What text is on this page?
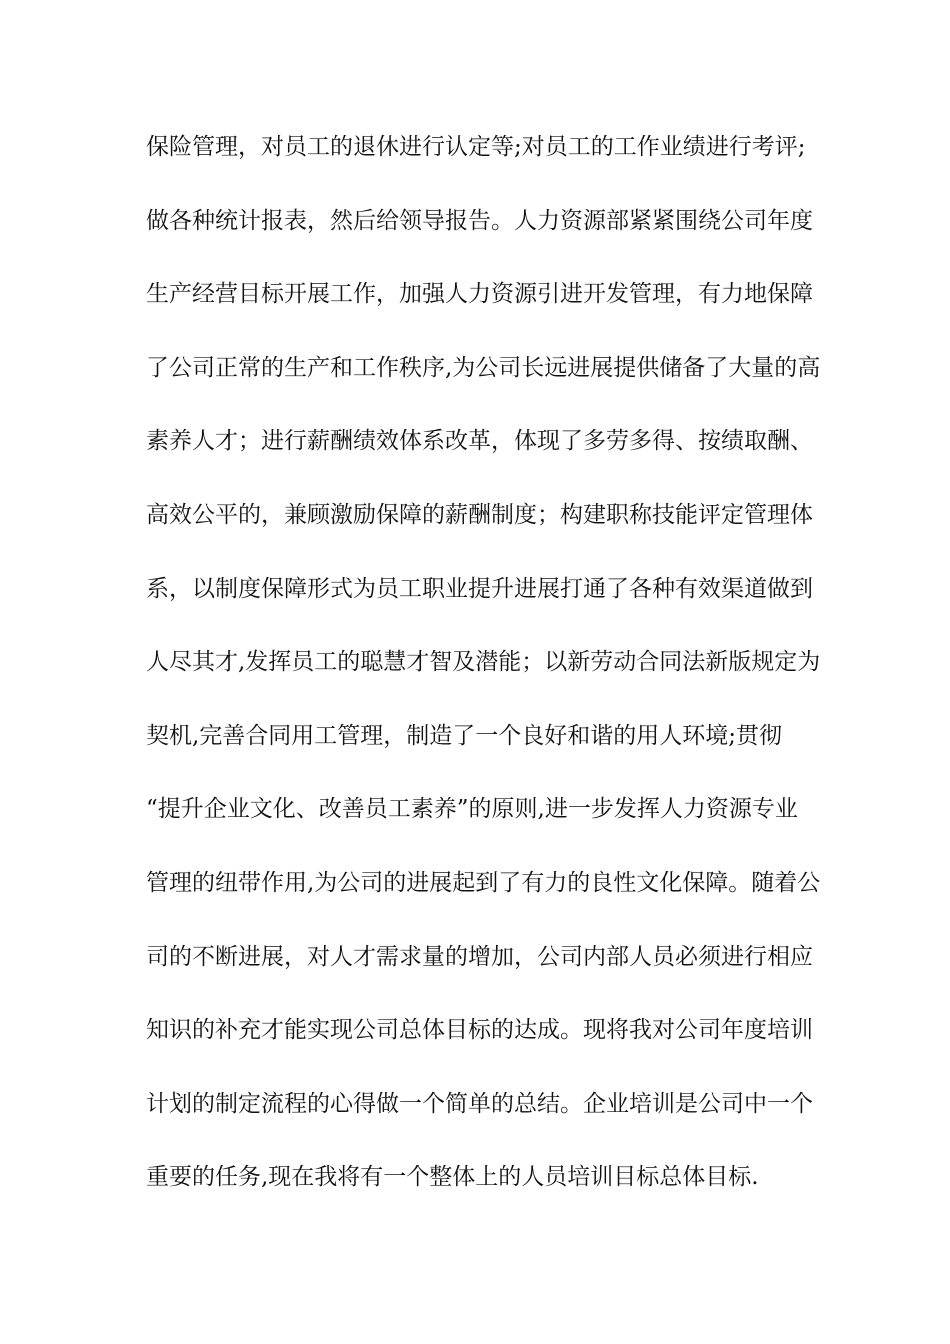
保险管理，对员工的退休进行认定等;对员工的工作业绩进行考评;
做各种统计报表，然后给领导报告。人力资源部紧紧围绕公司年度
生产经营目标开展工作，加强人力资源引进开发管理，有力地保障
了公司正常的生产和工作秩序,为公司长远进展提供储备了大量的高
素养人才；进行薪酬绩效体系改革，体现了多劳多得、按绩取酬、
高效公平的，兼顾激励保障的薪酬制度；构建职称技能评定管理体
系，以制度保障形式为员工职业提升进展打通了各种有效渠道做到
人尽其才,发挥员工的聪慧才智及潜能；以新劳动合同法新版规定为
契机,完善合同用工管理，制造了一个良好和谐的用人环境;贯彻
“提升企业文化、改善员工素养”的原则,进一步发挥人力资源专业
管理的纽带作用,为公司的进展起到了有力的良性文化保障。随着公
司的不断进展，对人才需求量的增加，公司内部人员必须进行相应
知识的补充才能实现公司总体目标的达成。现将我对公司年度培训
计划的制定流程的心得做一个简单的总结。企业培训是公司中一个
重要的任务,现在我将有一个整体上的人员培训目标总体目标.
